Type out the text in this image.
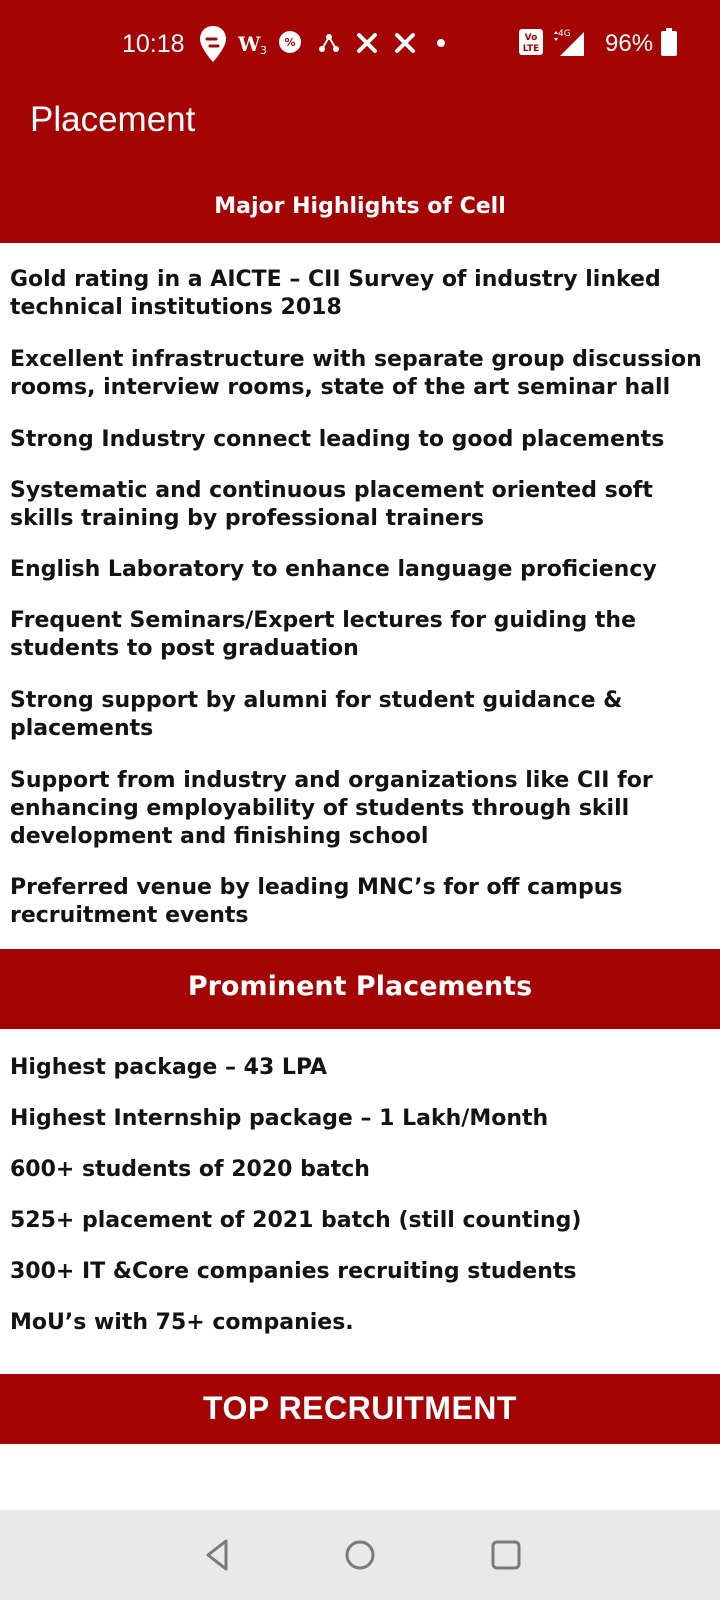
10:18	W 3
%	Vo
LTE
4G 96%
Placement
Major Highlights of Cell
Gold rating in a AICTE – CII Survey of industry linked technical institutions 2018
Excellent infrastructure with separate group discussion rooms, interview rooms, state of the art seminar hall
Strong Industry connect leading to good placements
Systematic and continuous placement oriented soft skills training by professional trainers
English Laboratory to enhance language proficiency
Frequent Seminars/Expert lectures for guiding the students to post graduation
Strong support by alumni for student guidance & placements
Support from industry and organizations like CII for enhancing employability of students through skill development and finishing school
Preferred venue by leading MNC’s for off campus recruitment events
Prominent Placements
Highest package – 43 LPA
Highest Internship package – 1 Lakh/Month
600+ students of 2020 batch
525+ placement of 2021 batch (still counting)
300+ IT &Core companies recruiting students
MoU’s with 75+ companies.
TOP RECRUITMENT
